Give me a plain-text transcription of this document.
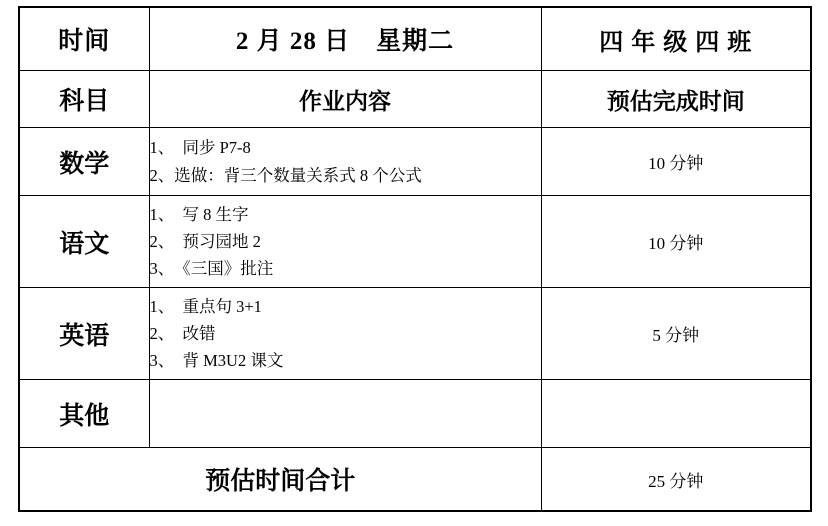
时间	2 月 28 日　星期二	四 年 级 四 班
科目	作业内容	预估完成时间
数学	1、　同步 P7-8
2、选做：背三个数量关系式 8 个公式	10 分钟
语文	1、　写 8 生字
2、　预习园地 2
3、　《三国》批注	10 分钟
英语	1、　重点句 3+1
2、　改错
3、　背 M3U2 课文	5 分钟
其他		
预估时间合计		25 分钟
